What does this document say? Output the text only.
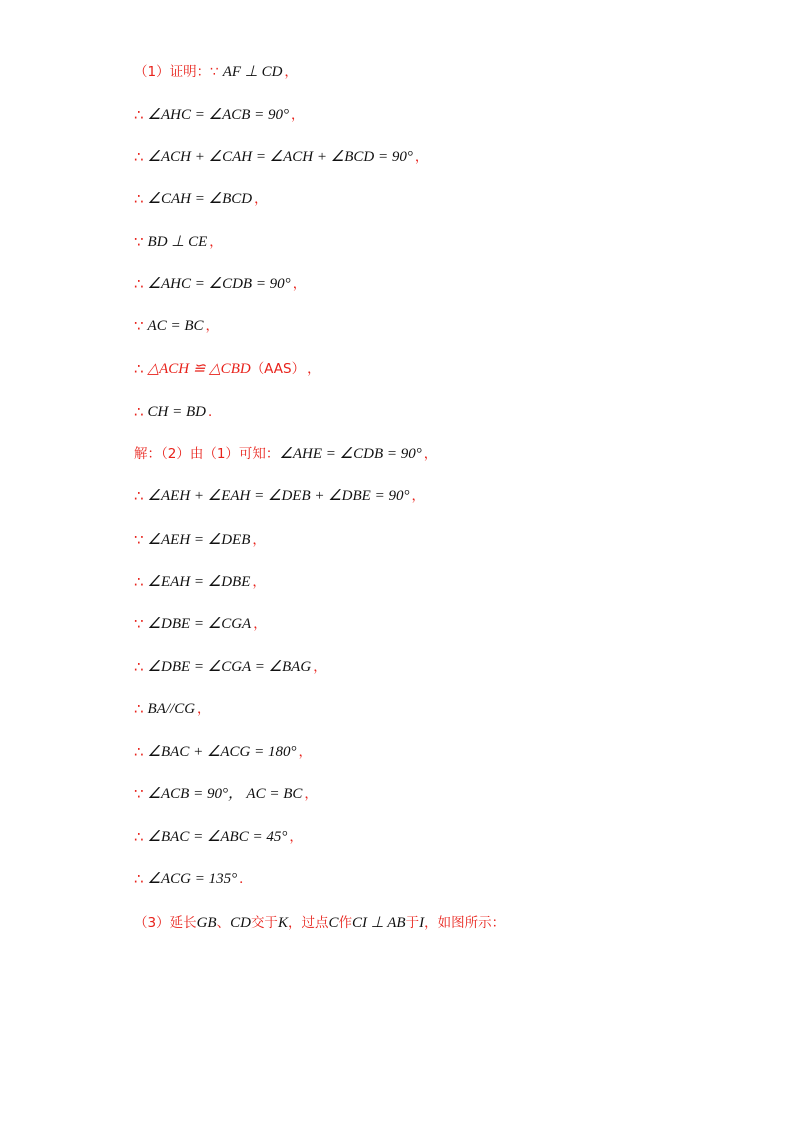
（1）证明：∵ AF ⊥ CD ，
∴ ∠AHC = ∠ACB = 90° ，
∴ ∠ACH + ∠CAH = ∠ACH + ∠BCD = 90° ，
∴ ∠CAH = ∠BCD ，
∵ BD ⊥ CE ，
∴ ∠AHC = ∠CDB = 90° ，
∵ AC = BC ，
∴ △ACH ≌ △CBD （AAS） ，
∴ CH = BD ．
解：（2）由（1）可知： ∠AHE = ∠CDB = 90° ，
∴ ∠AEH + ∠EAH = ∠DEB + ∠DBE = 90° ，
∵ ∠AEH = ∠DEB ，
∴ ∠EAH = ∠DBE ，
∵ ∠DBE = ∠CGA ，
∴ ∠DBE = ∠CGA = ∠BAG ，
∴ BA//CG ，
∴ ∠BAC + ∠ACG = 180° ，
∵ ∠ACB = 90°， AC = BC ，
∴ ∠BAC = ∠ABC = 45° ，
∴ ∠ACG = 135° ．
（3）延长 GB 、 CD 交于 K ，过点 C 作 CI ⊥ AB 于 I ，如图所示：
